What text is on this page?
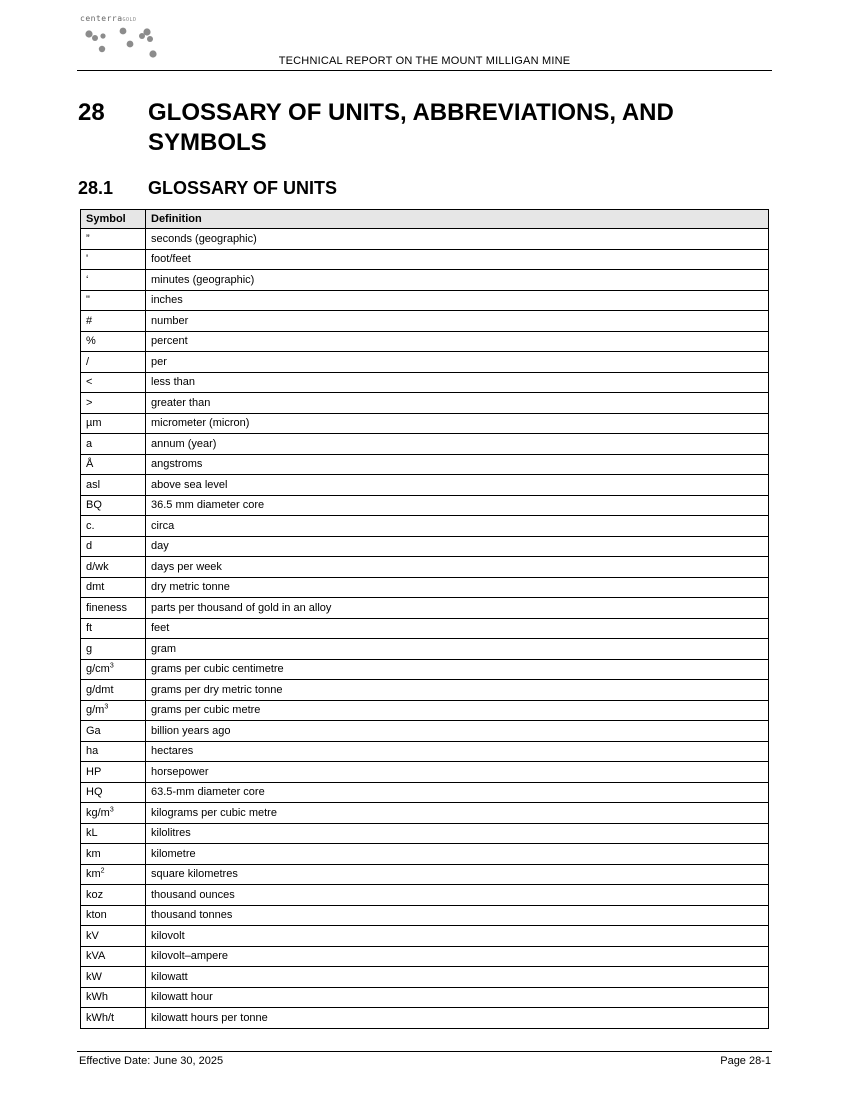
centerraGOLD
TECHNICAL REPORT ON THE MOUNT MILLIGAN MINE
28 GLOSSARY OF UNITS, ABBREVIATIONS, AND SYMBOLS
28.1 GLOSSARY OF UNITS
Symbol	Definition
”	seconds (geographic)
'	foot/feet
‘	minutes (geographic)
"	inches
#	number
%	percent
/	per
<	less than
>	greater than
µm	micrometer (micron)
a	annum (year)
Å	angstroms
asl	above sea level
BQ	36.5 mm diameter core
c.	circa
d	day
d/wk	days per week
dmt	dry metric tonne
fineness	parts per thousand of gold in an alloy
ft	feet
g	gram
$g/cm^3$	grams per cubic centimetre
g/dmt	grams per dry metric tonne
$g/m^3$	grams per cubic metre
Ga	billion years ago
ha	hectares
HP	horsepower
HQ	63.5-mm diameter core
$kg/m^3$	kilograms per cubic metre
kL	kilolitres
km	kilometre
$km^2$	square kilometres
koz	thousand ounces
kton	thousand tonnes
kV	kilovolt
kVA	kilovolt–ampere
kW	kilowatt
kWh	kilowatt hour
kWh/t	kilowatt hours per tonne
Effective Date: June 30, 2025	Page 28-1
